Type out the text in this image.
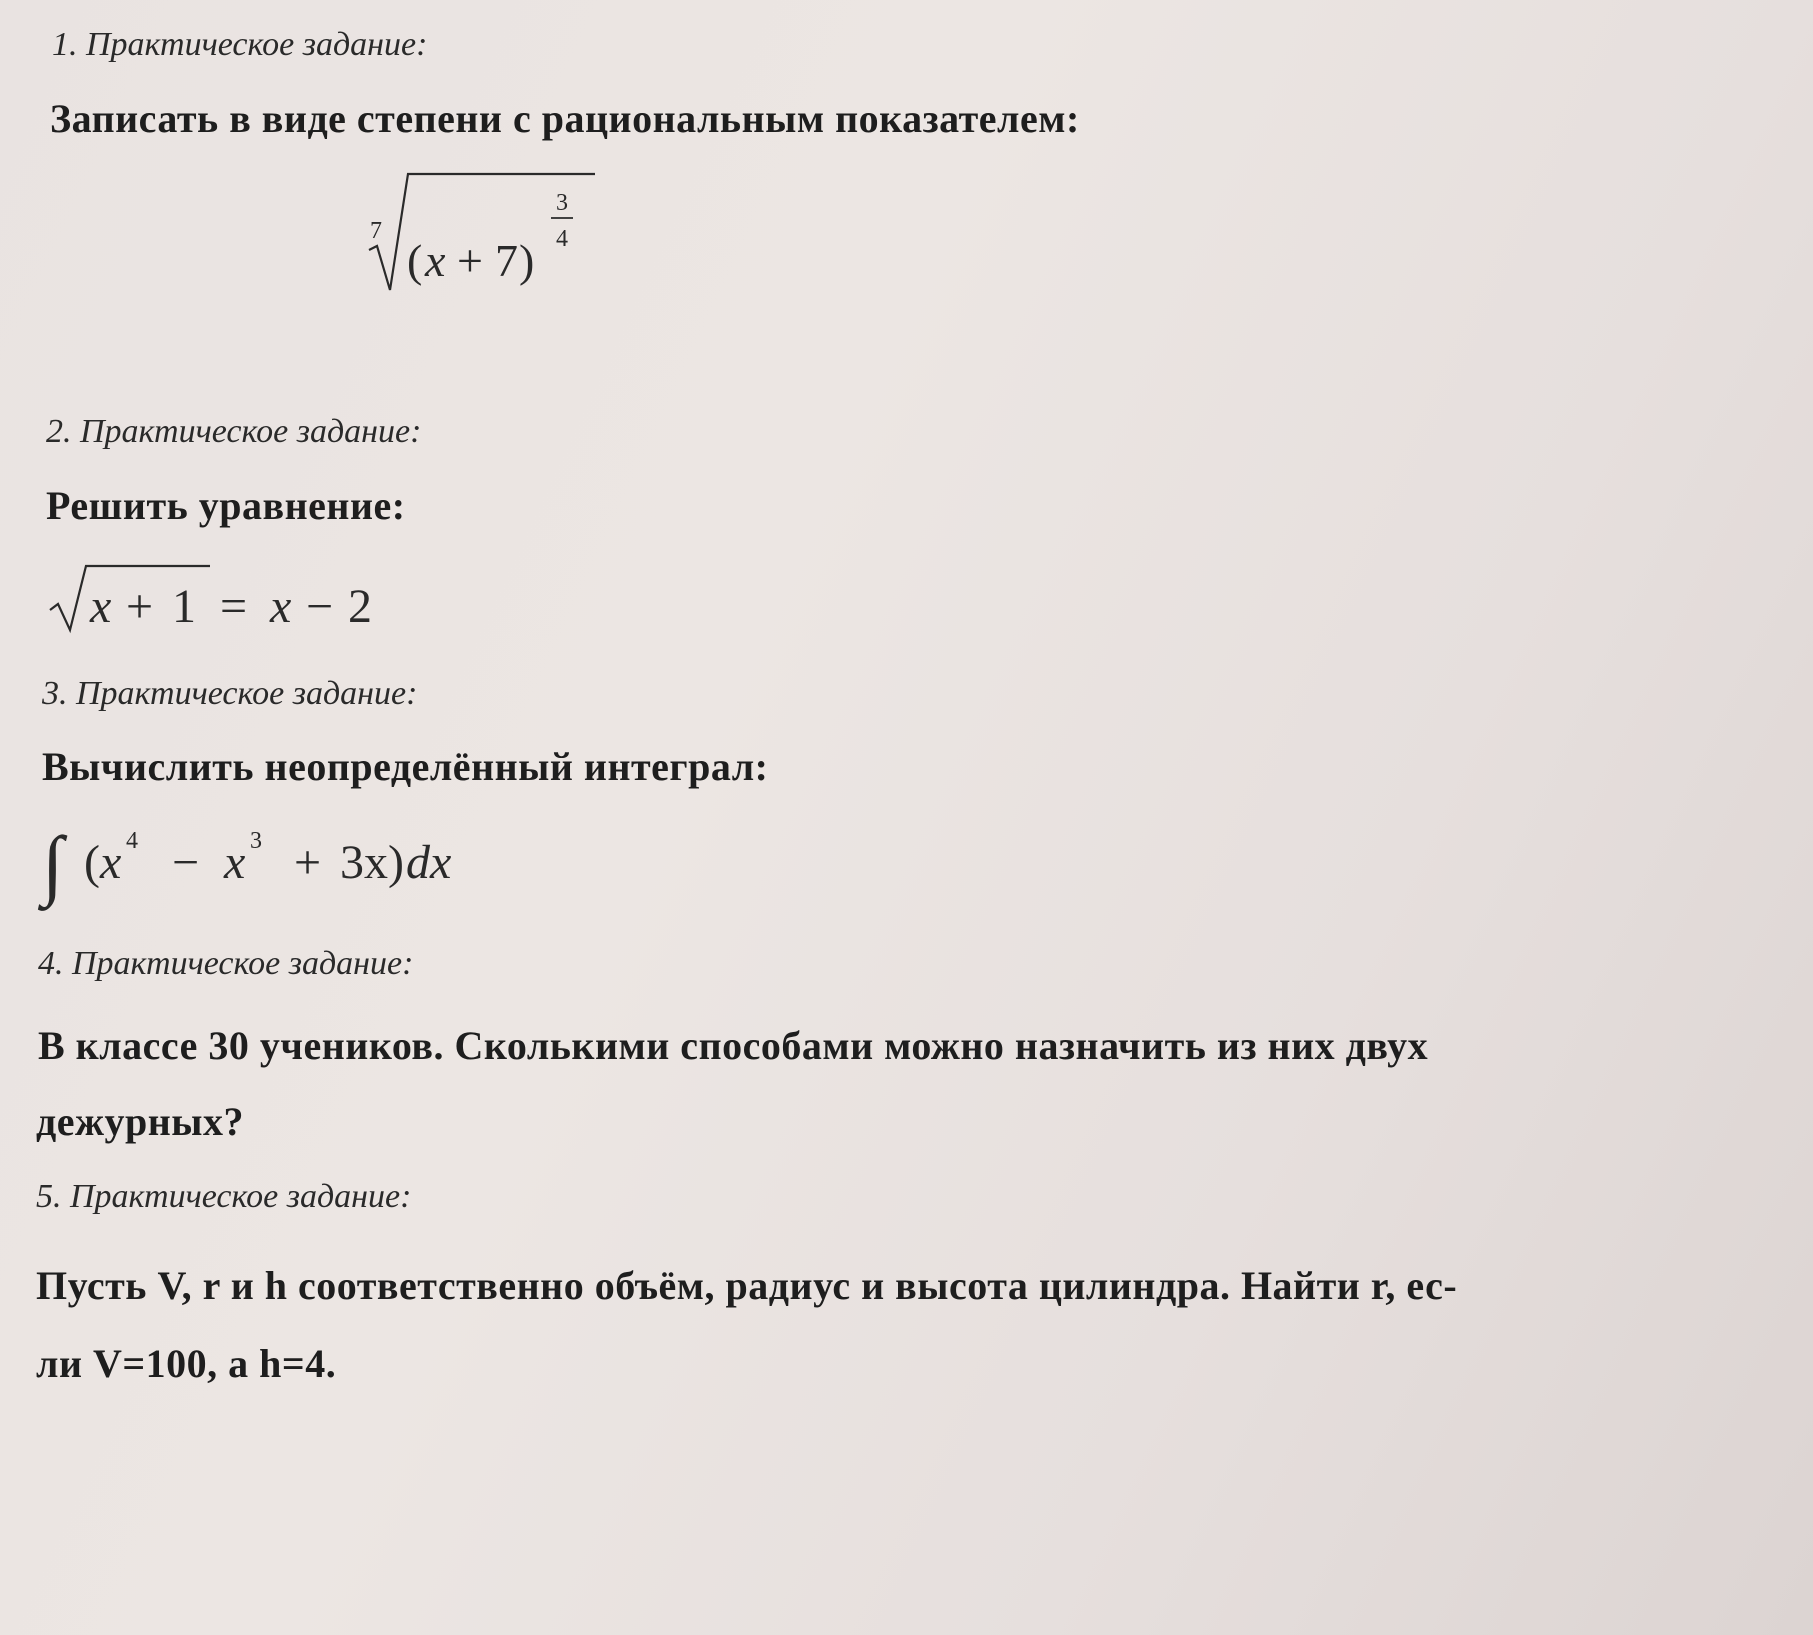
1. Практическое задание:
Записать в виде степени с рациональным показателем:
7
( x + 7 )
3
4
2. Практическое задание:
Решить уравнение:
x + 1 = x − 2
3. Практическое задание:
Вычислить неопределённый интеграл:
∫ ( x 4 − x 3 + 3x ) dx
4. Практическое задание:
В классе 30 учеников. Сколькими способами можно назначить из них двух
дежурных?
5. Практическое задание:
Пусть V, r и h соответственно объём, радиус и высота цилиндра. Найти r, ес-
ли V=100, а h=4.
